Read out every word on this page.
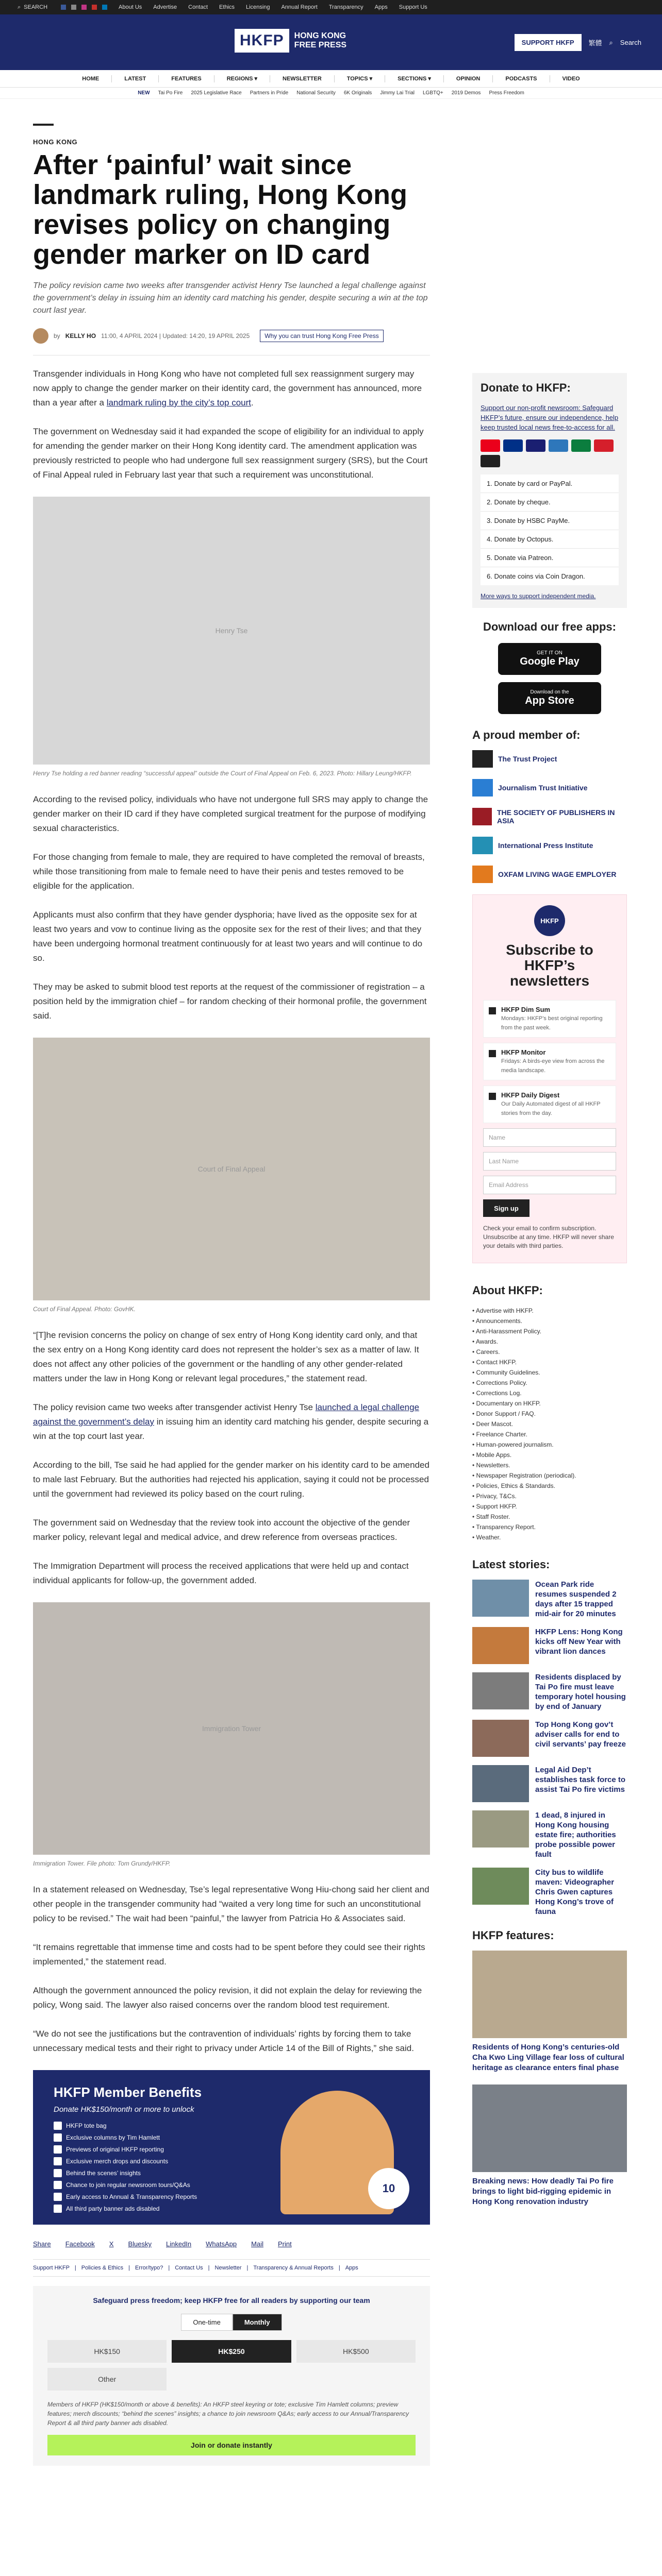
⌕ SEARCH	About Us Advertise Contact Ethics Licensing Annual Report Transparency Apps Support Us
HKFP	HONG KONG
FREE PRESS	SUPPORT HKFP	繁體 ⌕ Search
HOME	LATEST	FEATURES	REGIONS ▾	NEWSLETTER	TOPICS ▾	SECTIONS ▾	OPINION	PODCASTS	VIDEO
NEW Tai Po Fire 2025 Legislative Race Partners in Pride National Security 6K Originals Jimmy Lai Trial LGBTQ+ 2019 Demos Press Freedom
HONG KONG
After ‘painful’ wait since landmark ruling, Hong Kong revises policy on changing gender marker on ID card

The policy revision came two weeks after transgender activist Henry Tse launched a legal challenge against the government’s delay in issuing him an identity card matching his gender, despite securing a win at the top court last year.

by KELLY HO 11:00, 4 APRIL 2024 | Updated: 14:20, 19 APRIL 2025	Why you can trust Hong Kong Free Press

Transgender individuals in Hong Kong who have not completed full sex reassignment surgery may now apply to change the gender marker on their identity card, the government has announced, more than a year after a landmark ruling by the city’s top court.

The government on Wednesday said it had expanded the scope of eligibility for an individual to apply for amending the gender marker on their Hong Kong identity card. The amendment application was previously restricted to people who had undergone full sex reassignment surgery (SRS), but the Court of Final Appeal ruled in February last year that such a requirement was unconstitutional.

Henry Tse
Henry Tse holding a red banner reading “successful appeal” outside the Court of Final Appeal on Feb. 6, 2023. Photo: Hillary Leung/HKFP.

According to the revised policy, individuals who have not undergone full SRS may apply to change the gender marker on their ID card if they have completed surgical treatment for the purpose of modifying sexual characteristics.

For those changing from female to male, they are required to have completed the removal of breasts, while those transitioning from male to female need to have their penis and testes removed to be eligible for the application.

Applicants must also confirm that they have gender dysphoria; have lived as the opposite sex for at least two years and vow to continue living as the opposite sex for the rest of their lives; and that they have been undergoing hormonal treatment continuously for at least two years and will continue to do so.

They may be asked to submit blood test reports at the request of the commissioner of registration – a position held by the immigration chief – for random checking of their hormonal profile, the government said.

Court of Final Appeal
Court of Final Appeal. Photo: GovHK.

“[T]he revision concerns the policy on change of sex entry of Hong Kong identity card only, and that the sex entry on a Hong Kong identity card does not represent the holder’s sex as a matter of law. It does not affect any other policies of the government or the handling of any other gender-related matters under the law in Hong Kong or relevant legal procedures,” the statement read.

The policy revision came two weeks after transgender activist Henry Tse launched a legal challenge against the government’s delay in issuing him an identity card matching his gender, despite securing a win at the top court last year.

According to the bill, Tse said he had applied for the gender marker on his identity card to be amended to male last February. But the authorities had rejected his application, saying it could not be processed until the government had reviewed its policy based on the court ruling.

The government said on Wednesday that the review took into account the objective of the gender marker policy, relevant legal and medical advice, and drew reference from overseas practices.

The Immigration Department will process the received applications that were held up and contact individual applicants for follow-up, the government added.

Immigration Tower
Immigration Tower. File photo: Tom Grundy/HKFP.

In a statement released on Wednesday, Tse’s legal representative Wong Hiu-chong said her client and other people in the transgender community had “waited a very long time for such an unconstitutional policy to be revised.” The wait had been “painful,” the lawyer from Patricia Ho & Associates said.

“It remains regrettable that immense time and costs had to be spent before they could see their rights implemented,” the statement read.

Although the government announced the policy revision, it did not explain the delay for reviewing the policy, Wong said. The lawyer also raised concerns over the random blood test requirement.

“We do not see the justifications but the contravention of individuals’ rights by forcing them to take unnecessary medical tests and their right to privacy under Article 14 of the Bill of Rights,” she said.

HKFP Member Benefits
Donate HK$150/month or more to unlock
HKFP tote bag
Exclusive columns by Tim Hamlett
Previews of original HKFP reporting
Exclusive merch drops and discounts
Behind the scenes’ insights
Chance to join regular newsroom tours/Q&As
Early access to Annual & Transparency Reports
All third party banner ads disabled
10
Share Facebook X Bluesky LinkedIn WhatsApp Mail Print
Support HKFP | Policies & Ethics | Error/typo? | Contact Us | Newsletter | Transparency & Annual Reports | Apps
Safeguard press freedom; keep HKFP free for all readers by supporting our team
One-time	Monthly
HK$150	HK$250	HK$500
Other

Members of HKFP (HK$150/month or above & benefits): An HKFP steel keyring or tote; exclusive Tim Hamlett columns; preview features; merch discounts; “behind the scenes” insights; a chance to join newsroom Q&As; early access to our Annual/Transparency Report & all third party banner ads disabled.

Join or donate instantly
Donate to HKFP:

Support our non-profit newsroom: Safeguard HKFP’s future, ensure our independence, help keep trusted local news free-to-access for all.

1. Donate by card or PayPal.
2. Donate by cheque.
3. Donate by HSBC PayMe.
4. Donate by Octopus.
5. Donate via Patreon.
6. Donate coins via Coin Dragon.
More ways to support independent media.
Download our free apps:
GET IT ON
Google Play
Download on the
App Store
A proud member of:
The Trust Project
Journalism Trust Initiative
THE SOCIETY OF PUBLISHERS IN ASIA
International Press Institute
OXFAM LIVING WAGE EMPLOYER
HKFP
Subscribe to HKFP’s newsletters
HKFP Dim Sum
Mondays: HKFP’s best original reporting from the past week.
HKFP Monitor
Fridays: A birds-eye view from across the media landscape.
HKFP Daily Digest
Our Daily Automated digest of all HKFP stories from the day.
Name
Last Name
Email Address
Sign up

Check your email to confirm subscription. Unsubscribe at any time. HKFP will never share your details with third parties.

About HKFP:
• Advertise with HKFP.
• Announcements.
• Anti-Harassment Policy.
• Awards.
• Careers.
• Contact HKFP.
• Community Guidelines.
• Corrections Policy.
• Corrections Log.
• Documentary on HKFP.
• Donor Support / FAQ.
• Deer Mascot.
• Freelance Charter.
• Human-powered journalism.
• Mobile Apps.
• Newsletters.
• Newspaper Registration (periodical).
• Policies, Ethics & Standards.
• Privacy, T&Cs.
• Support HKFP.
• Staff Roster.
• Transparency Report.
• Weather.
Latest stories:
Ocean Park ride resumes suspended 2 days after 15 trapped mid-air for 20 minutes
HKFP Lens: Hong Kong kicks off New Year with vibrant lion dances
Residents displaced by Tai Po fire must leave temporary hotel housing by end of January
Top Hong Kong gov’t adviser calls for end to civil servants’ pay freeze
Legal Aid Dep’t establishes task force to assist Tai Po fire victims
1 dead, 8 injured in Hong Kong housing estate fire; authorities probe possible power fault
City bus to wildlife maven: Videographer Chris Gwen captures Hong Kong’s trove of fauna
HKFP features:
Residents of Hong Kong’s centuries-old Cha Kwo Ling Village fear loss of cultural heritage as clearance enters final phase
Breaking news: How deadly Tai Po fire brings to light bid-rigging epidemic in Hong Kong renovation industry
